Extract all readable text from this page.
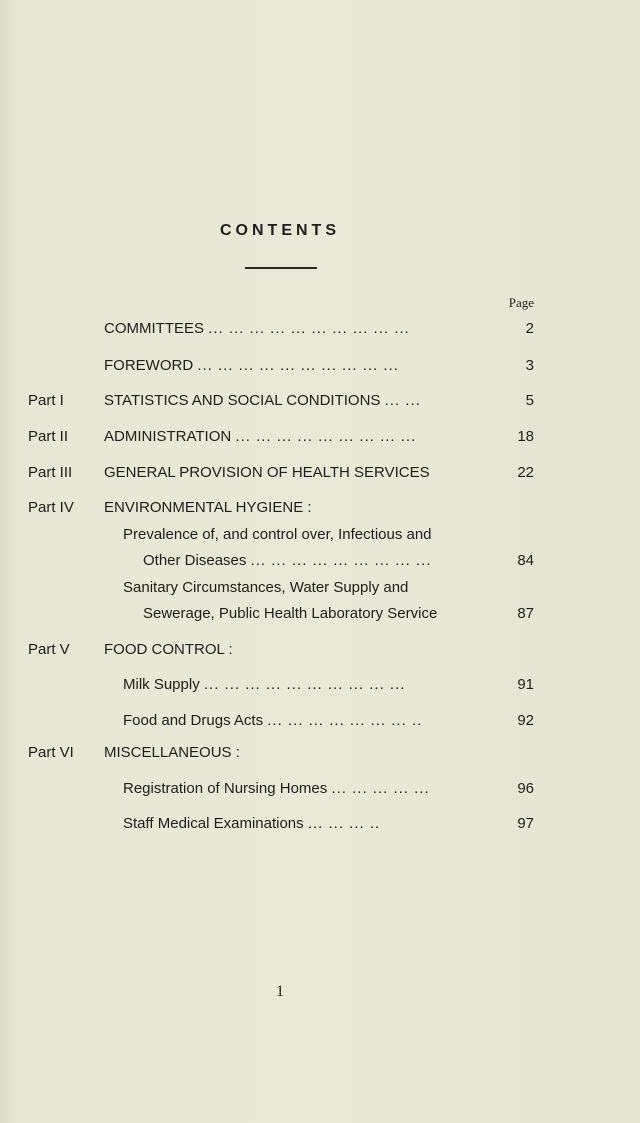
CONTENTS
Page
COMMITTEES ... ... ... ... ... ... ... ... ... ...	2
FOREWORD ... ... ... ... ... ... ... ... ... ...	3
Part I	STATISTICS AND SOCIAL CONDITIONS ... ...	5
Part II ADMINISTRATION ... ... ... ... ... ... ... ... ...	18
Part III GENERAL PROVISION OF HEALTH SERVICES	22
Part IV ENVIRONMENTAL HYGIENE :
Prevalence of, and control over, Infectious and
Other Diseases ... ... ... ... ... ... ... ... ...	84
Sanitary Circumstances, Water Supply and
Sewerage, Public Health Laboratory Service	87
Part V FOOD CONTROL :
Milk Supply ... ... ... ... ... ... ... ... ... ...	91
Food and Drugs Acts ... ... ... ... ... ... ... ..	92
Part VI MISCELLANEOUS :
Registration of Nursing Homes ... ... ... ... ...	96
Staff Medical Examinations ... ... ... ..	97
1
